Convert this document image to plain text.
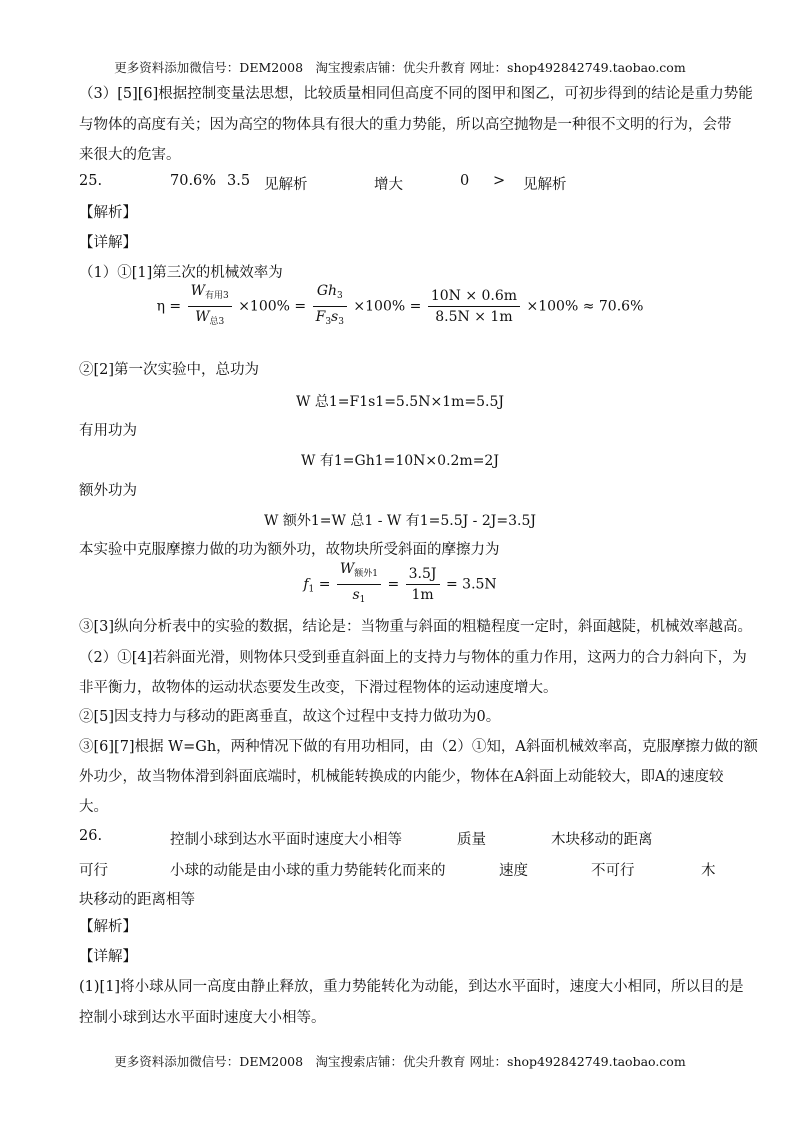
更多资料添加微信号：DEM2008　淘宝搜索店铺：优尖升教育 网址：shop492842749.taobao.com
（3）[5][6]根据控制变量法思想，比较质量相同但高度不同的图甲和图乙，可初步得到的结论是重力势能
与物体的高度有关；因为高空的物体具有很大的重力势能，所以高空抛物是一种很不文明的行为，会带
来很大的危害。
25.	70.6% 3.5 见解析	增大	0 > 见解析
【解析】
【详解】
（1）①[1]第三次的机械效率为
$\eta = \frac{W_{有用3}}{W_{总3}} \times 100\% = \frac{Gh_3}{F_3s_3} \times 100\% = \frac{10N \times 0.6m}{8.5N \times 1m} \times 100\% \approx 70.6\%$
②[2]第一次实验中，总功为
W 总1=F1s1=5.5N×1m=5.5J
有用功为
W 有1=Gh1=10N×0.2m=2J
额外功为
W 额外1=W 总1 - W 有1=5.5J - 2J=3.5J
本实验中克服摩擦力做的功为额外功，故物块所受斜面的摩擦力为
$f_1 = \frac{W_{额外1}}{s_1} = \frac{3.5J}{1m} = 3.5N$
③[3]纵向分析表中的实验的数据，结论是：当物重与斜面的粗糙程度一定时，斜面越陡，机械效率越高。
（2）①[4]若斜面光滑，则物体只受到垂直斜面上的支持力与物体的重力作用，这两力的合力斜向下，为
非平衡力，故物体的运动状态要发生改变，下滑过程物体的运动速度增大。
②[5]因支持力与移动的距离垂直，故这个过程中支持力做功为0。
③[6][7]根据 W=Gh，两种情况下做的有用功相同，由（2）①知，A斜面机械效率高，克服摩擦力做的额
外功少，故当物体滑到斜面底端时，机械能转换成的内能少，物体在A斜面上动能较大，即A的速度较
大。
26.	控制小球到达水平面时速度大小相等	质量	木块移动的距离
可行	小球的动能是由小球的重力势能转化而来的	速度	不可行	木
块移动的距离相等
【解析】
【详解】
(1)[1]将小球从同一高度由静止释放，重力势能转化为动能，到达水平面时，速度大小相同，所以目的是
控制小球到达水平面时速度大小相等。
更多资料添加微信号：DEM2008　淘宝搜索店铺：优尖升教育 网址：shop492842749.taobao.com
